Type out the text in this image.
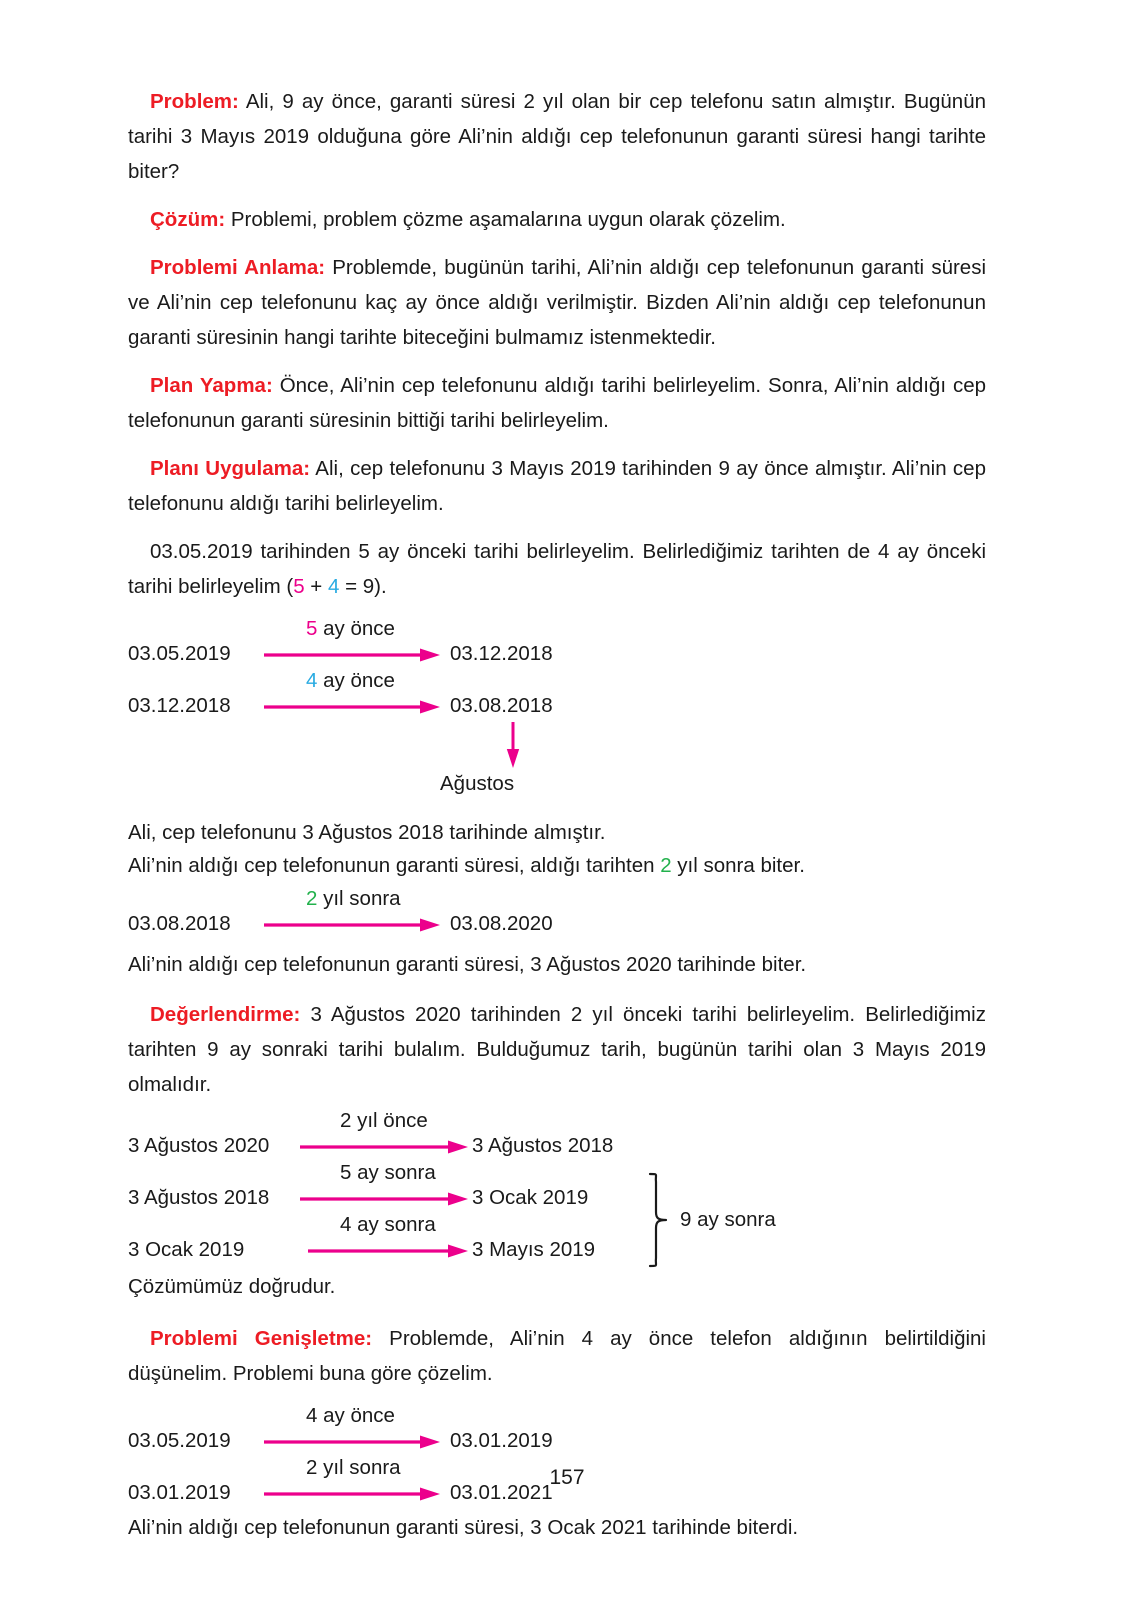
Problem: Ali, 9 ay önce, garanti süresi 2 yıl olan bir cep telefonu satın almıştır. Bugünün tarihi 3 Mayıs 2019 olduğuna göre Ali’nin aldığı cep telefonunun garanti süresi hangi tarihte biter?

Çözüm: Problemi, problem çözme aşamalarına uygun olarak çözelim.

Problemi Anlama: Problemde, bugünün tarihi, Ali’nin aldığı cep telefonunun garanti süresi ve Ali’nin cep telefonunu kaç ay önce aldığı verilmiştir. Bizden Ali’nin aldığı cep telefonunun garanti süresinin hangi tarihte biteceğini bulmamız istenmektedir.

Plan Yapma: Önce, Ali’nin cep telefonunu aldığı tarihi belirleyelim. Sonra, Ali’nin aldığı cep telefonunun garanti süresinin bittiği tarihi belirleyelim.

Planı Uygulama: Ali, cep telefonunu 3 Mayıs 2019 tarihinden 9 ay önce almıştır. Ali’nin cep telefonunu aldığı tarihi belirleyelim.

03.05.2019 tarihinden 5 ay önceki tarihi belirleyelim. Belirlediğimiz tarihten de 4 ay önceki tarihi belirleyelim (5 + 4 = 9).

5 ay önce
03.05.2019	03.12.2018
4 ay önce
03.12.2018	03.08.2018
Ağustos

Ali, cep telefonunu 3 Ağustos 2018 tarihinde almıştır.

Ali’nin aldığı cep telefonunun garanti süresi, aldığı tarihten 2 yıl sonra biter.

2 yıl sonra
03.08.2018	03.08.2020

Ali’nin aldığı cep telefonunun garanti süresi, 3 Ağustos 2020 tarihinde biter.

Değerlendirme: 3 Ağustos 2020 tarihinden 2 yıl önceki tarihi belirleyelim. Belirlediğimiz tarihten 9 ay sonraki tarihi bulalım. Bulduğumuz tarih, bugünün tarihi olan 3 Mayıs 2019 olmalıdır.

2 yıl önce
3 Ağustos 2020	3 Ağustos 2018
5 ay sonra
3 Ağustos 2018	3 Ocak 2019
4 ay sonra
3 Ocak 2019	3 Mayıs 2019
9 ay sonra

Çözümümüz doğrudur.

Problemi Genişletme: Problemde, Ali’nin 4 ay önce telefon aldığının belirtildiğini düşünelim. Problemi buna göre çözelim.

4 ay önce
03.05.2019	03.01.2019
2 yıl sonra
03.01.2019	03.01.2021

Ali’nin aldığı cep telefonunun garanti süresi, 3 Ocak 2021 tarihinde biterdi.

157
